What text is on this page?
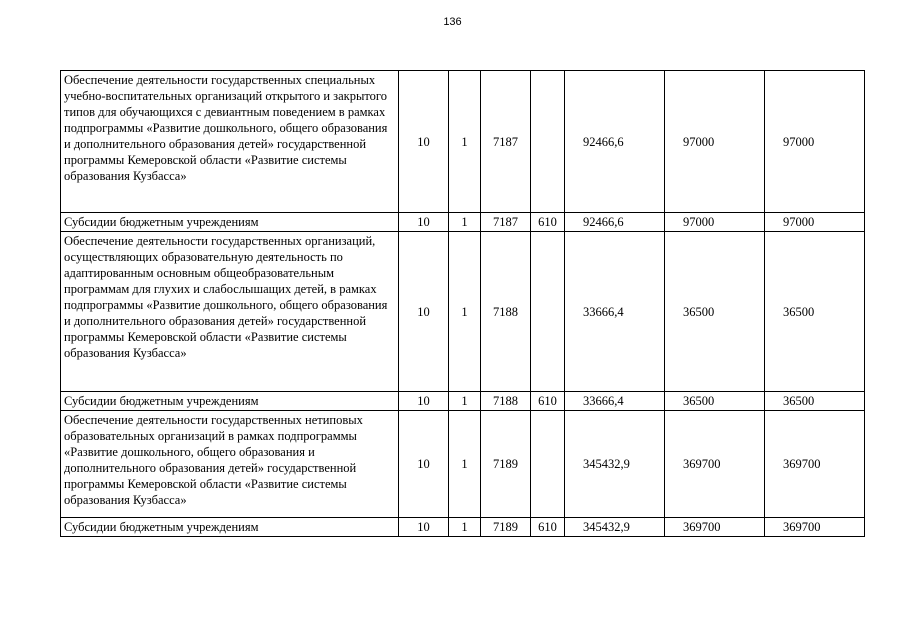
136
Обеспечение деятельности государственных специальных учебно-воспитательных организаций открытого и закрытого типов для обучающихся с девиантным поведением в рамках подпрограммы «Развитие дошкольного, общего образования и дополнительного образования детей» государственной программы Кемеровской области «Развитие системы образования Кузбасса»	10	1	7187		92466,6	97000	97000
Субсидии бюджетным учреждениям	10	1	7187	610	92466,6	97000	97000
Обеспечение деятельности государственных организаций, осуществляющих образовательную деятельность по адаптированным основным общеобразовательным программам для глухих и слабослышащих детей, в рамках подпрограммы «Развитие дошкольного, общего образования и дополнительного образования детей» государственной программы Кемеровской области «Развитие системы образования Кузбасса»	10	1	7188		33666,4	36500	36500
Субсидии бюджетным учреждениям	10	1	7188	610	33666,4	36500	36500
Обеспечение деятельности государственных нетиповых образовательных организаций в рамках подпрограммы «Развитие дошкольного, общего образования и дополнительного образования детей» государственной программы Кемеровской области «Развитие системы образования Кузбасса»	10	1	7189		345432,9	369700	369700
Субсидии бюджетным учреждениям	10	1	7189	610	345432,9	369700	369700
